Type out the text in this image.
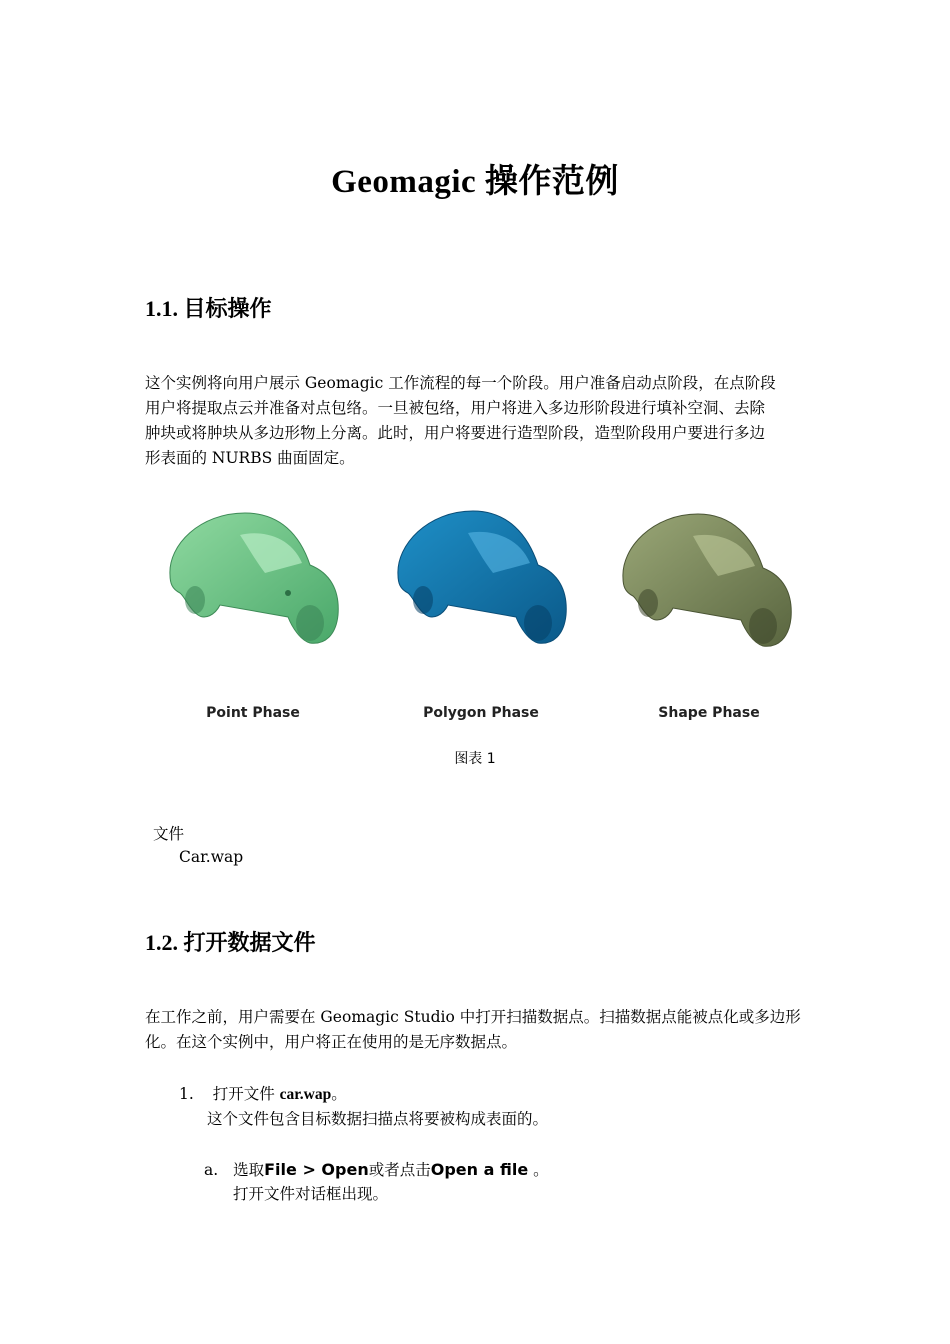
Geomagic 操作范例
1.1. 目标操作
这个实例将向用户展示 Geomagic 工作流程的每一个阶段。用户准备启动点阶段，在点阶段
用户将提取点云并准备对点包络。一旦被包络，用户将进入多边形阶段进行填补空洞、去除
肿块或将肿块从多边形物上分离。此时，用户将要进行造型阶段，造型阶段用户要进行多边
形表面的 NURBS 曲面固定。
Point Phase	Polygon Phase	Shape Phase
图表 1
文件
Car.wap
1.2. 打开数据文件
在工作之前，用户需要在 Geomagic Studio 中打开扫描数据点。扫描数据点能被点化或多边形
化。在这个实例中，用户将正在使用的是无序数据点。
1. 打开文件 car.wap。
这个文件包含目标数据扫描点将要被构成表面的。
a. 选取File > Open或者点击Open a file 。
打开文件对话框出现。
